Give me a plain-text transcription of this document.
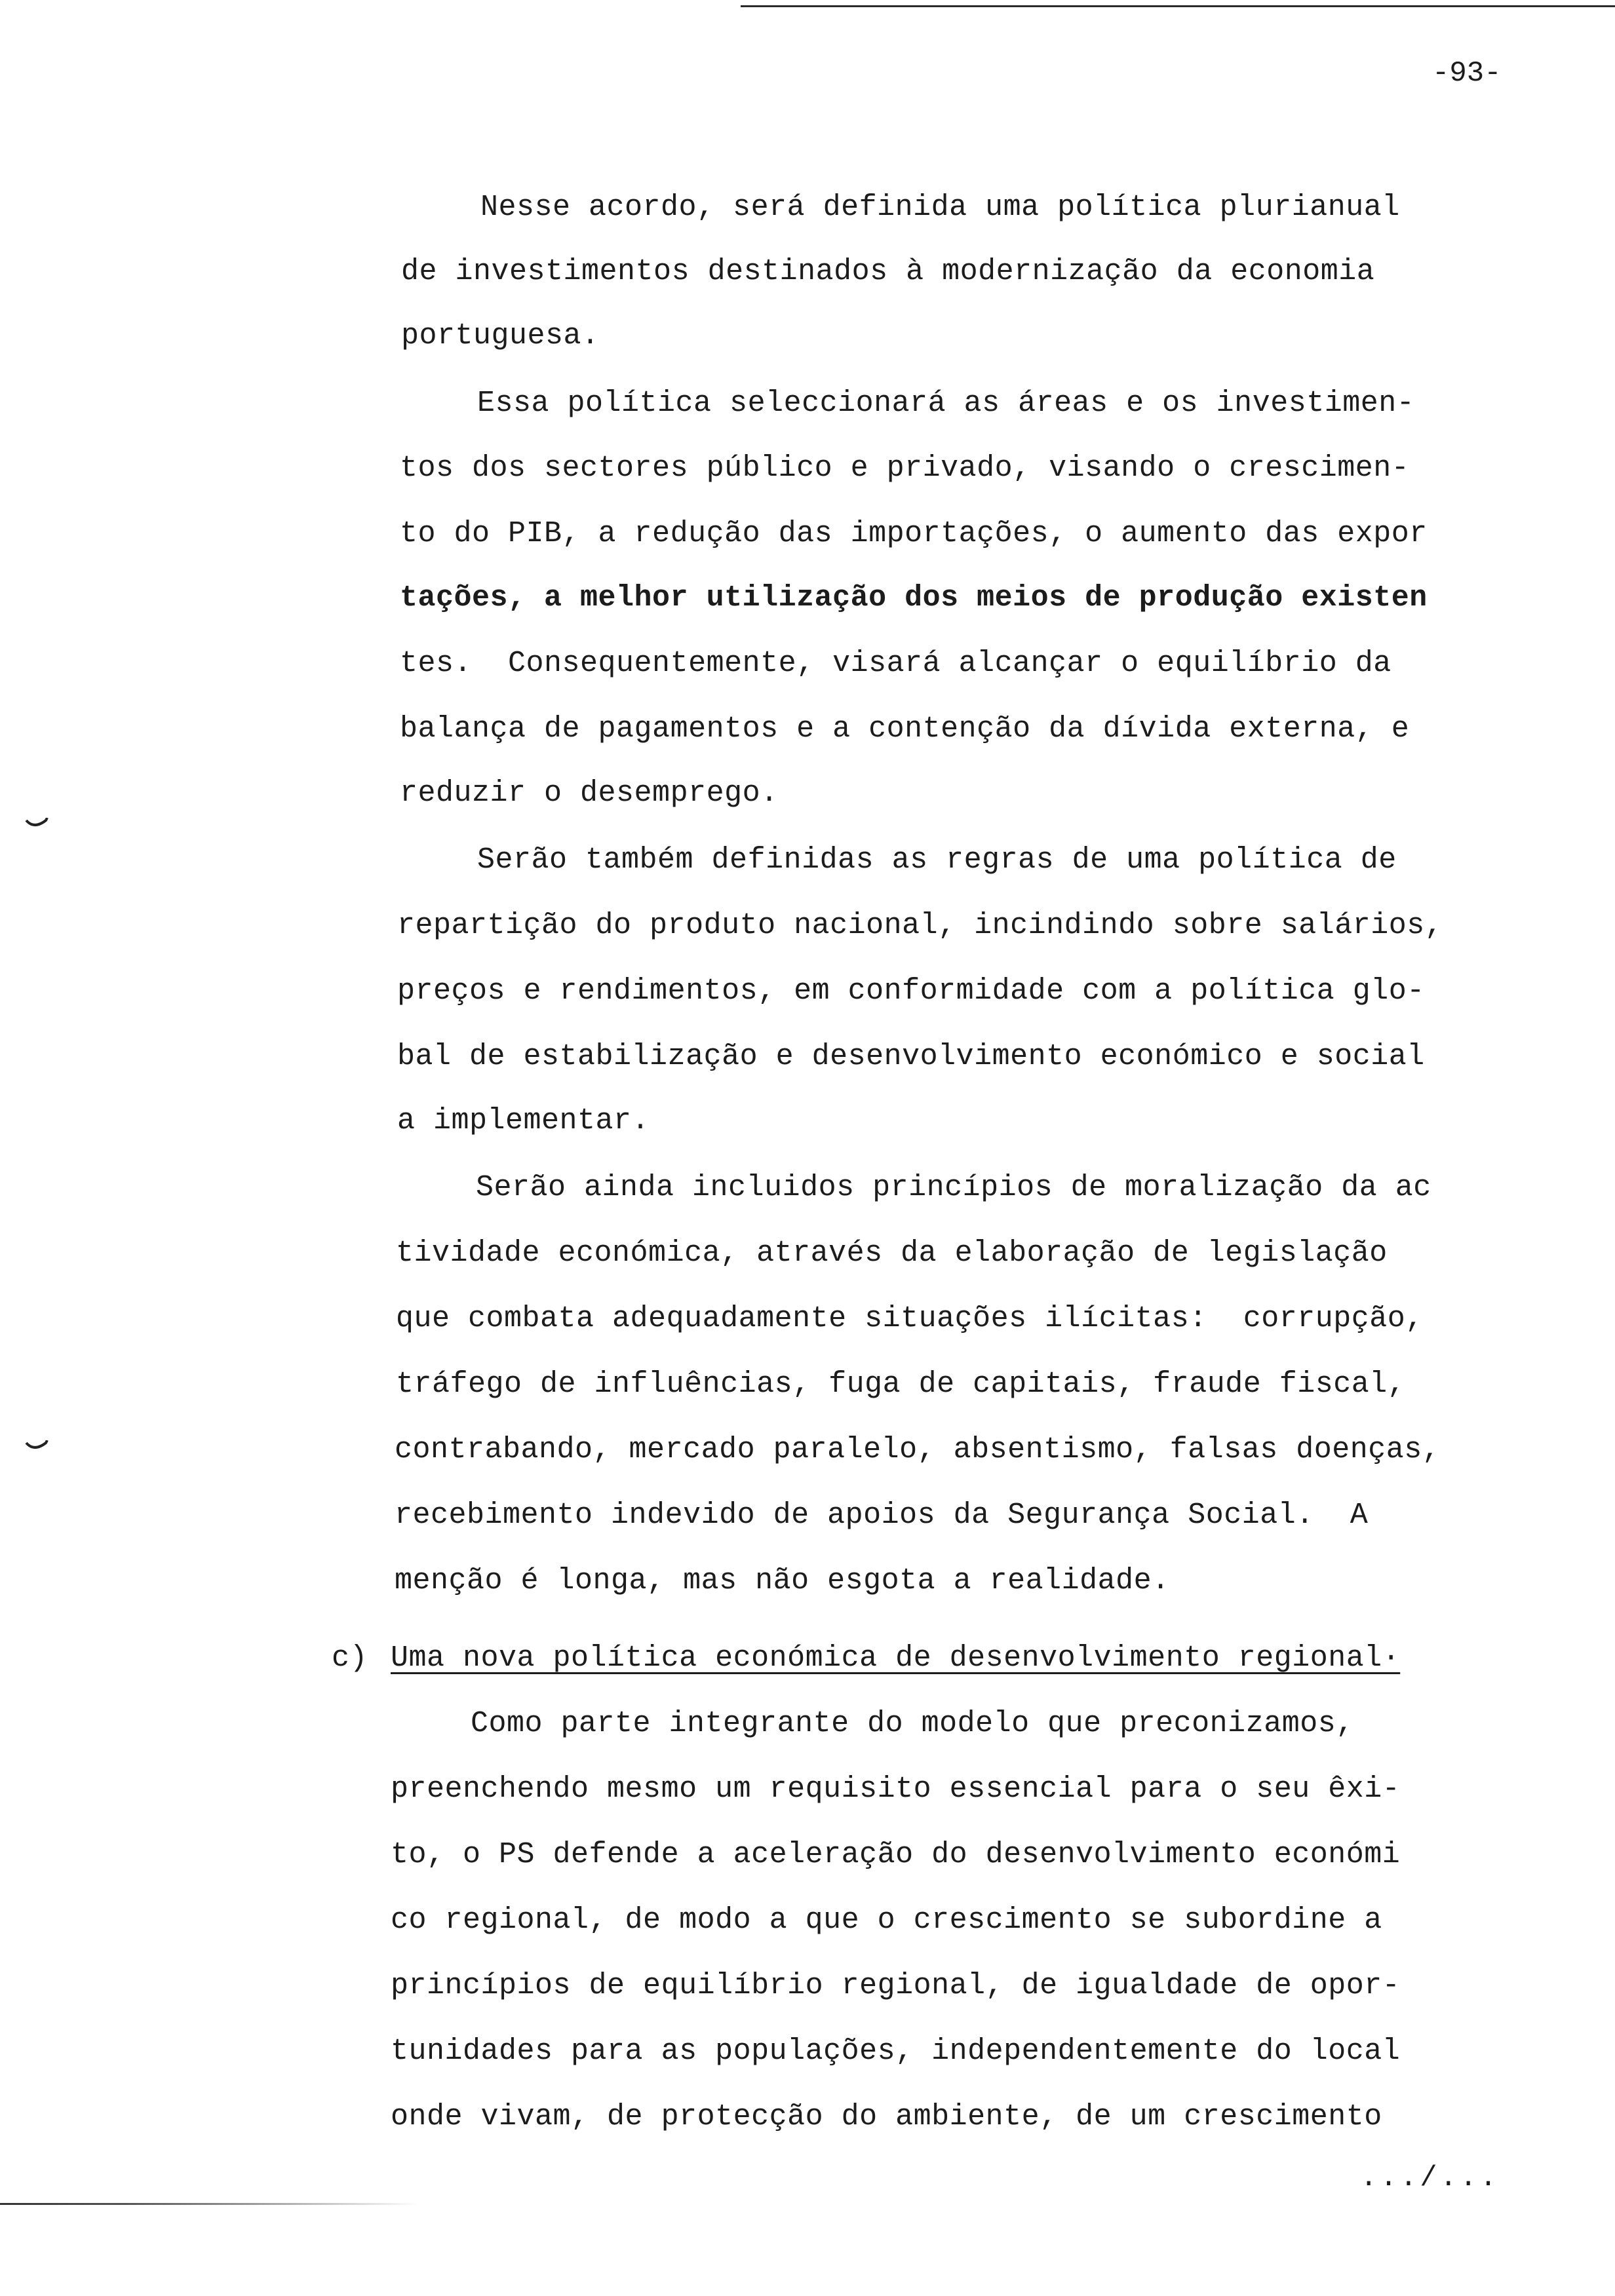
-93-
Nesse acordo, será definida uma política plurianual
de investimentos destinados à modernização da economia
portuguesa.
Essa política seleccionará as áreas e os investimen-
tos dos sectores público e privado, visando o crescimen-
to do PIB, a redução das importações, o aumento das expor
tações, a melhor utilização dos meios de produção existen
tes.  Consequentemente, visará alcançar o equilíbrio da
balança de pagamentos e a contenção da dívida externa, e
reduzir o desemprego.
Serão também definidas as regras de uma política de
repartição do produto nacional, incindindo sobre salários,
preços e rendimentos, em conformidade com a política glo-
bal de estabilização e desenvolvimento económico e social
a implementar.
Serão ainda incluidos princípios de moralização da ac
tividade económica, através da elaboração de legislação
que combata adequadamente situações ilícitas:  corrupção,
tráfego de influências, fuga de capitais, fraude fiscal,
contrabando, mercado paralelo, absentismo, falsas doenças,
recebimento indevido de apoios da Segurança Social.  A
menção é longa, mas não esgota a realidade.
c) Uma nova política económica de desenvolvimento regional·
Como parte integrante do modelo que preconizamos,
preenchendo mesmo um requisito essencial para o seu êxi-
to, o PS defende a aceleração do desenvolvimento económi
co regional, de modo a que o crescimento se subordine a
princípios de equilíbrio regional, de igualdade de opor-
tunidades para as populações, independentemente do local
onde vivam, de protecção do ambiente, de um crescimento
.../...
